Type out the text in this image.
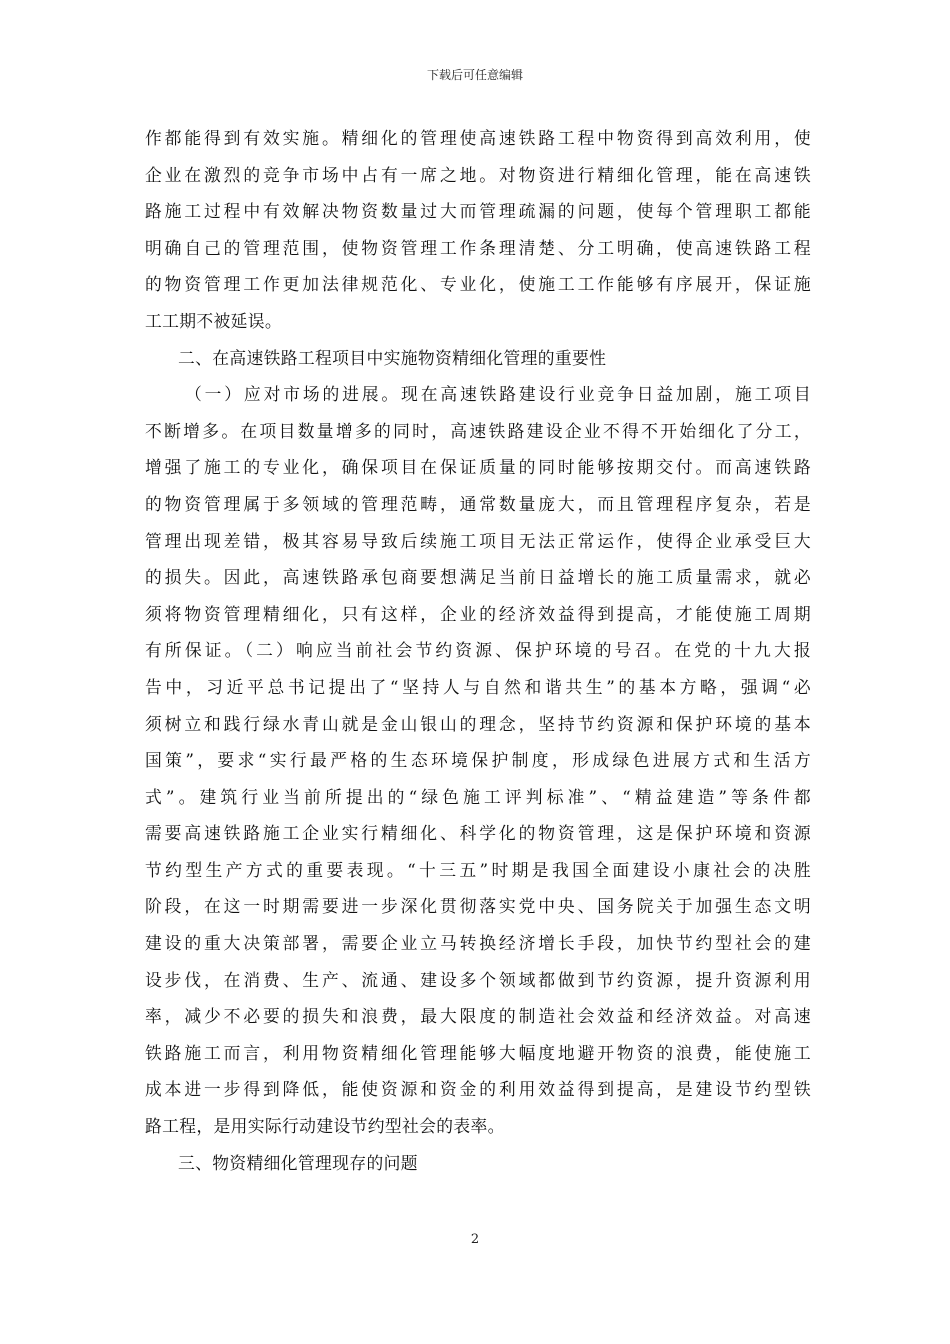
下载后可任意编辑
作都能得到有效实施。精细化的管理使高速铁路工程中物资得到高效利用，使
企业在激烈的竞争市场中占有一席之地。对物资进行精细化管理，能在高速铁
路施工过程中有效解决物资数量过大而管理疏漏的问题，使每个管理职工都能
明确自己的管理范围，使物资管理工作条理清楚、分工明确，使高速铁路工程
的物资管理工作更加法律规范化、专业化，使施工工作能够有序展开，保证施
工工期不被延误。
二、在高速铁路工程项目中实施物资精细化管理的重要性
（一）应对市场的进展。现在高速铁路建设行业竞争日益加剧，施工项目
不断增多。在项目数量增多的同时，高速铁路建设企业不得不开始细化了分工，
增强了施工的专业化，确保项目在保证质量的同时能够按期交付。而高速铁路
的物资管理属于多领域的管理范畴，通常数量庞大，而且管理程序复杂，若是
管理出现差错，极其容易导致后续施工项目无法正常运作，使得企业承受巨大
的损失。因此，高速铁路承包商要想满足当前日益增长的施工质量需求，就必
须将物资管理精细化，只有这样，企业的经济效益得到提高，才能使施工周期
有所保证。（二）响应当前社会节约资源、保护环境的号召。在党的十九大报
告中，习近平总书记提出了“坚持人与自然和谐共生”的基本方略，强调“必
须树立和践行绿水青山就是金山银山的理念，坚持节约资源和保护环境的基本
国策”，要求“实行最严格的生态环境保护制度，形成绿色进展方式和生活方
式”。建筑行业当前所提出的“绿色施工评判标准”、“精益建造”等条件都
需要高速铁路施工企业实行精细化、科学化的物资管理，这是保护环境和资源
节约型生产方式的重要表现。“十三五”时期是我国全面建设小康社会的决胜
阶段，在这一时期需要进一步深化贯彻落实党中央、国务院关于加强生态文明
建设的重大决策部署，需要企业立马转换经济增长手段，加快节约型社会的建
设步伐，在消费、生产、流通、建设多个领域都做到节约资源，提升资源利用
率，减少不必要的损失和浪费，最大限度的制造社会效益和经济效益。对高速
铁路施工而言，利用物资精细化管理能够大幅度地避开物资的浪费，能使施工
成本进一步得到降低，能使资源和资金的利用效益得到提高，是建设节约型铁
路工程，是用实际行动建设节约型社会的表率。
三、物资精细化管理现存的问题
2
